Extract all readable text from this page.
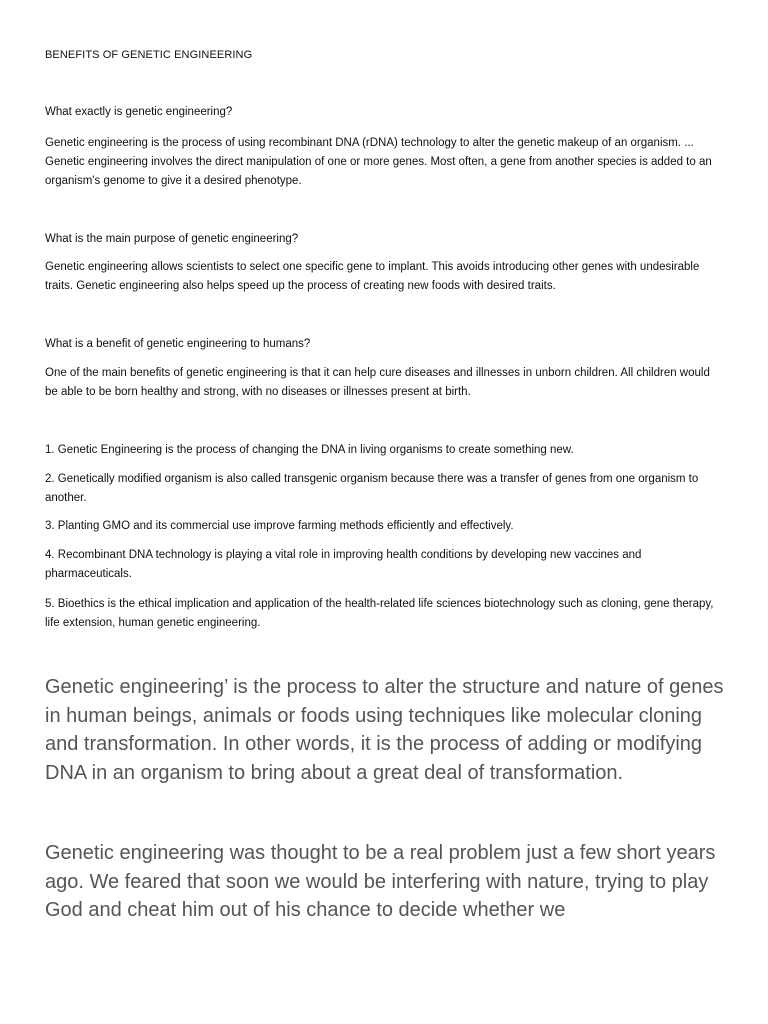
BENEFITS OF GENETIC ENGINEERING

What exactly is genetic engineering?

Genetic engineering is the process of using recombinant DNA (rDNA) technology to alter the genetic makeup of an organism. ... Genetic engineering involves the direct manipulation of one or more genes. Most often, a gene from another species is added to an organism's genome to give it a desired phenotype.

What is the main purpose of genetic engineering?

Genetic engineering allows scientists to select one specific gene to implant. This avoids introducing other genes with undesirable traits. Genetic engineering also helps speed up the process of creating new foods with desired traits.

What is a benefit of genetic engineering to humans?

One of the main benefits of genetic engineering is that it can help cure diseases and illnesses in unborn children. All children would be able to be born healthy and strong, with no diseases or illnesses present at birth.

1. Genetic Engineering is the process of changing the DNA in living organisms to create something new.

2. Genetically modified organism is also called transgenic organism because there was a transfer of genes from one organism to another.

3. Planting GMO and its commercial use improve farming methods efficiently and effectively.

4. Recombinant DNA technology is playing a vital role in improving health conditions by developing new vaccines and pharmaceuticals.

5. Bioethics is the ethical implication and application of the health-related life sciences biotechnology such as cloning, gene therapy, life extension, human genetic engineering.

Genetic engineering’ is the process to alter the structure and nature of genes in human beings, animals or foods using techniques like molecular cloning and transformation. In other words, it is the process of adding or modifying DNA in an organism to bring about a great deal of transformation.

Genetic engineering was thought to be a real problem just a few short years ago. We feared that soon we would be interfering with nature, trying to play God and cheat him out of his chance to decide whether we
